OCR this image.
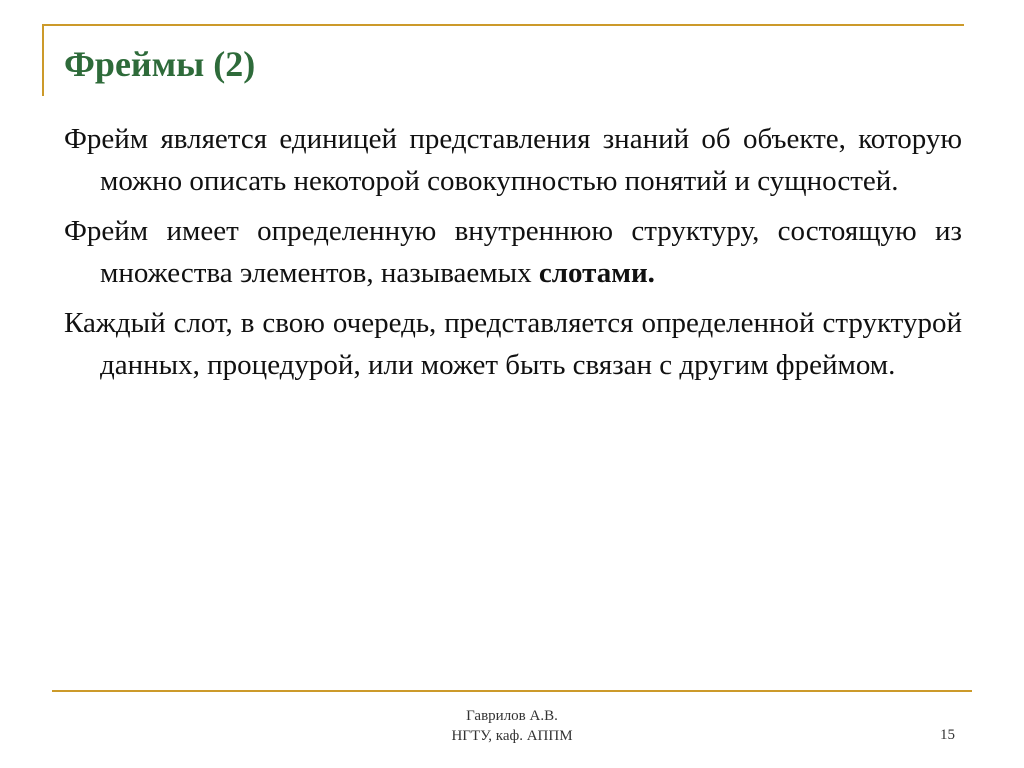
Фреймы (2)

Фрейм является единицей представления знаний об объекте, которую можно описать некоторой совокупностью понятий и сущностей.

Фрейм имеет определенную внутреннюю структуру, состоящую из множества элементов, называемых слотами.

Каждый слот, в свою очередь, представляется определенной структурой данных, процедурой, или может быть связан с другим фреймом.

Гаврилов А.В.
НГТУ, каф. АППМ	15
